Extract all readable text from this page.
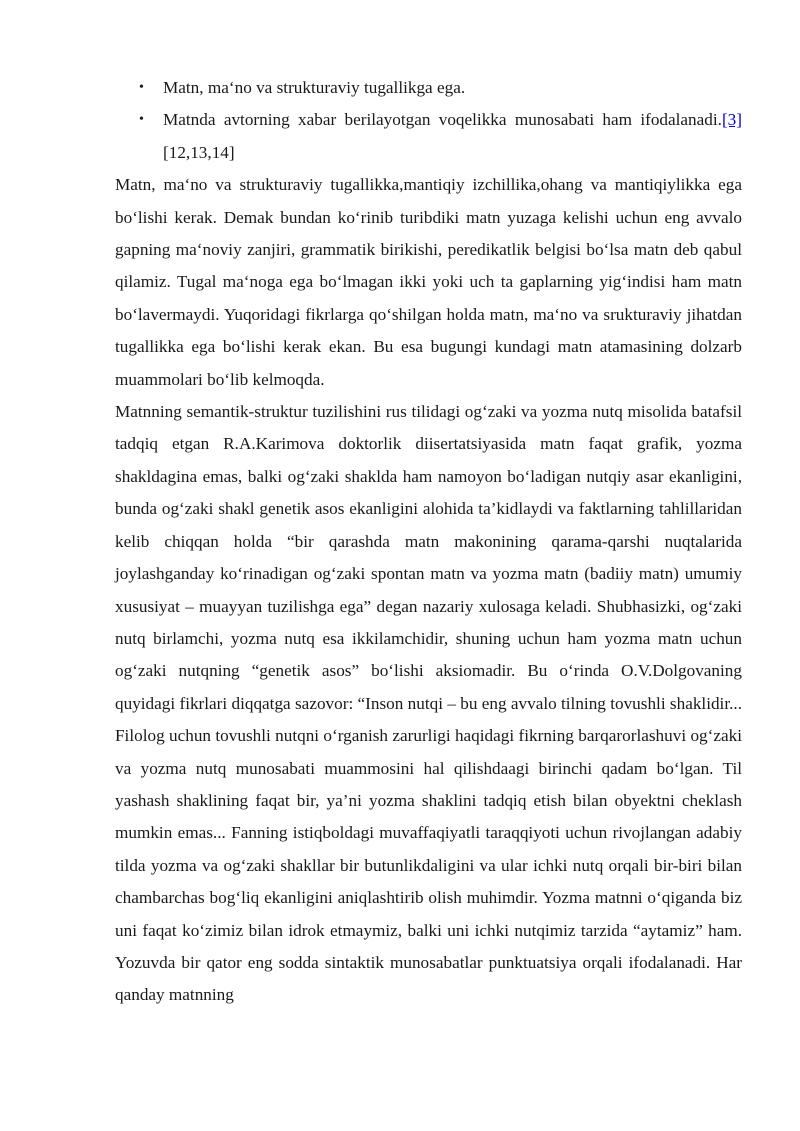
• Matn, ma‘no va strukturaviy tugallikga ega.
• Matnda avtorning xabar berilayotgan voqelikka munosabati ham ifodalanadi.[3] [12,13,14]

Matn, ma‘no va strukturaviy tugallikka,mantiqiy izchillika,ohang va mantiqiylikka ega bo‘lishi kerak. Demak bundan ko‘rinib turibdiki matn yuzaga kelishi uchun eng avvalo gapning ma‘noviy zanjiri, grammatik birikishi, peredikatlik belgisi bo‘lsa matn deb qabul qilamiz. Tugal ma‘noga ega bo‘lmagan ikki yoki uch ta gaplarning yig‘indisi ham matn bo‘lavermaydi. Yuqoridagi fikrlarga qo‘shilgan holda matn, ma‘no va srukturaviy jihatdan tugallikka ega bo‘lishi kerak ekan. Bu esa bugungi kundagi matn atamasining dolzarb muammolari bo‘lib kelmoqda.

Matnning semantik-struktur tuzilishini rus tilidagi og‘zaki va yozma nutq misolida batafsil tadqiq etgan R.A.Karimova doktorlik diisertatsiyasida matn faqat grafik, yozma shakldagina emas, balki og‘zaki shaklda ham namoyon bo‘ladigan nutqiy asar ekanligini, bunda og‘zaki shakl genetik asos ekanligini alohida ta’kidlaydi va faktlarning tahlillaridan kelib chiqqan holda “bir qarashda matn makonining qarama-qarshi nuqtalarida joylashganday ko‘rinadigan og‘zaki spontan matn va yozma matn (badiiy matn) umumiy xususiyat – muayyan tuzilishga ega” degan nazariy xulosaga keladi. Shubhasizki, og‘zaki nutq birlamchi, yozma nutq esa ikkilamchidir, shuning uchun ham yozma matn uchun og‘zaki nutqning “genetik asos” bo‘lishi aksiomadir. Bu o‘rinda O.V.Dolgovaning quyidagi fikrlari diqqatga sazovor: “Inson nutqi – bu eng avvalo tilning tovushli shaklidir... Filolog uchun tovushli nutqni o‘rganish zarurligi haqidagi fikrning barqarorlashuvi og‘zaki va yozma nutq munosabati muammosini hal qilishdaagi birinchi qadam bo‘lgan. Til yashash shaklining faqat bir, ya’ni yozma shaklini tadqiq etish bilan obyektni cheklash mumkin emas... Fanning istiqboldagi muvaffaqiyatli taraqqiyoti uchun rivojlangan adabiy tilda yozma va og‘zaki shakllar bir butunlikdaligini va ular ichki nutq orqali bir-biri bilan chambarchas bog‘liq ekanligini aniqlashtirib olish muhimdir. Yozma matnni o‘qiganda biz uni faqat ko‘zimiz bilan idrok etmaymiz, balki uni ichki nutqimiz tarzida “aytamiz” ham. Yozuvda bir qator eng sodda sintaktik munosabatlar punktuatsiya orqali ifodalanadi. Har qanday matnning
